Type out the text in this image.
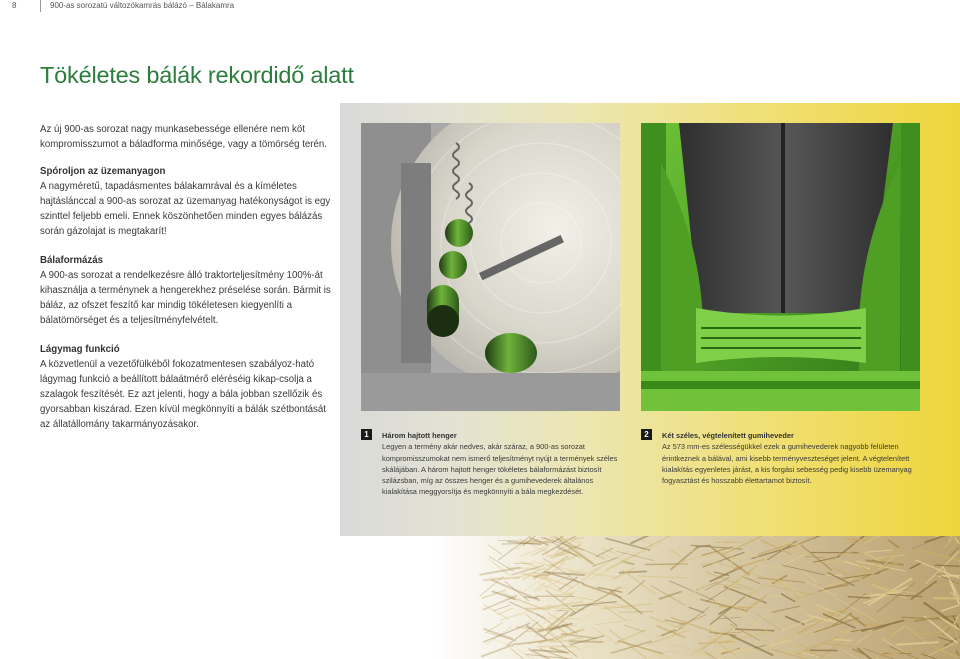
8	900-as sorozatú változókamrás bálázó – Bálakamra
Tökéletes bálák rekordidő alatt

Az új 900-as sorozat nagy munkasebessége ellenére nem köt kompromisszumot a báladforma minősége, vagy a tömörség terén.

Spóroljon az üzemanyagon

A nagyméretű, tapadásmentes bálakamrával és a kíméletes hajtáslánccal a 900-as sorozat az üzemanyag hatékonyságot is egy szinttel feljebb emeli. Ennek köszönhetően minden egyes bálázás során gázolajat is megtakarít!

Bálaformázás

A 900-as sorozat a rendelkezésre álló traktorteljesítmény 100%-át kihasználja a terménynek a hengerekhez préselése során. Bármit is báláz, az ofszet feszítő kar mindig tökéletesen kiegyenlíti a bálatömörséget és a teljesítményfelvételt.

Lágymag funkció

A közvetlenül a vezetőfülkéből fokozatmentesen szabályoz-ható lágymag funkció a beállított bálaátmérő eléréséig kikap-csolja a szalagok feszítését. Ez azt jelenti, hogy a bála jobban szellőzik és gyorsabban kiszárad. Ezen kívül megkönnyíti a bálák szétbontását az állatállomány takarmányozásakor.

1	Három hajtott henger

Legyen a termény akár nedves, akár száraz, a 900-as sorozat kompromisszumokat nem ismerő teljesítményt nyújt a termények széles skálájában. A három hajtott henger tökéletes bálaformázást biztosít szilázsban, míg az összes henger és a gumihevederek általános kialakítása meggyorsítja és megkönnyíti a bála megkezdését.

2	Két széles, végtelenített gumiheveder

Az 573 mm-es szélességükkel ezek a gumihevederek nagyobb felületen érintkeznek a bálával, ami kisebb terményveszteséget jelent. A végtelenített kialakítás egyenletes járást, a kis forgási sebesség pedig kisebb üzemanyag fogyasztást és hosszabb élettartamot biztosít.
